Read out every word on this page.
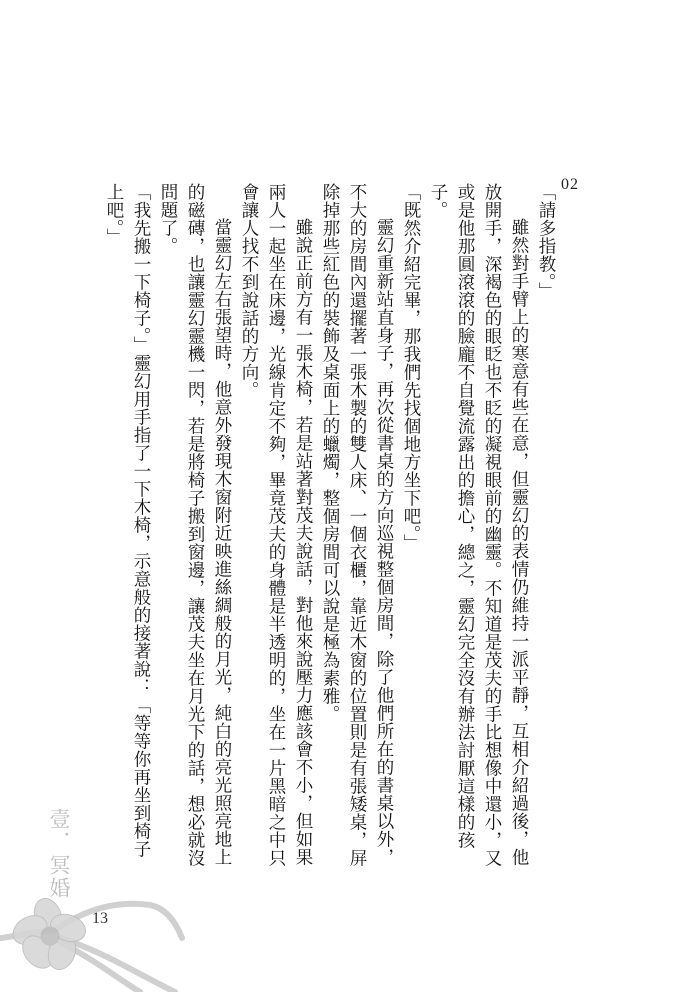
02

「請多指教。」

雖然對手臂上的寒意有些在意，但靈幻的表情仍維持一派平靜，互相介紹過後，他放開手，深褐色的眼眨也不眨的凝視眼前的幽靈。不知道是茂夫的手比想像中還小，又或是他那圓滾滾的臉龐不自覺流露出的擔心，總之，靈幻完全沒有辦法討厭這樣的孩子。

「既然介紹完畢，那我們先找個地方坐下吧。」

靈幻重新站直身子，再次從書桌的方向巡視整個房間，除了他們所在的書桌以外，不大的房間內還擺著一張木製的雙人床、一個衣櫃，靠近木窗的位置則是有張矮桌，屏除掉那些紅色的裝飾及桌面上的蠟燭，整個房間可以說是極為素雅。

雖說正前方有一張木椅，若是站著對茂夫說話，對他來說壓力應該會不小，但如果兩人一起坐在床邊，光線肯定不夠，畢竟茂夫的身體是半透明的，坐在一片黑暗之中只會讓人找不到說話的方向。

當靈幻左右張望時，他意外發現木窗附近映進絲綢般的月光，純白的亮光照亮地上的磁磚，也讓靈幻靈機一閃，若是將椅子搬到窗邊，讓茂夫坐在月光下的話，想必就沒問題了。

「我先搬一下椅子。」靈幻用手指了一下木椅，示意般的接著說：「等等你再坐到椅子上吧。」

壹．冥婚
13
